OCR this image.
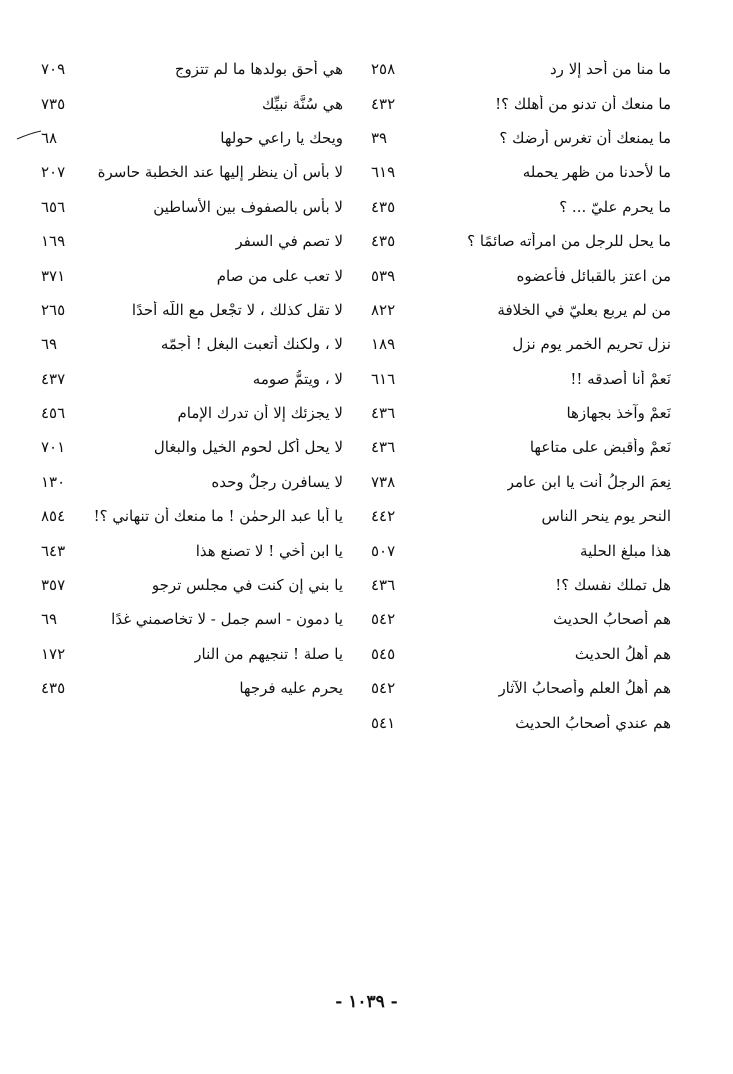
ما منا من أحد إلا رد
٢٥٨
ما منعك أن تدنو من أهلك ؟!
٤٣٢
ما يمنعك أن تغرس أرضك ؟
٣٩
ما لأحدنا من ظهر يحمله
٦١٩
ما يحرم عليّ ... ؟
٤٣٥
ما يحل للرجل من امرأته صائمًا ؟
٤٣٥
من اعتز بالقبائل فأعضوه
٥٣٩
من لم يربع بعليّ في الخلافة
٨٢٢
نزل تحريم الخمر يوم نزل
١٨٩
نَعمْ أنا أُصدقه !!
٦١٦
نَعمْ وآخذ بجهازها
٤٣٦
نَعمْ وأقبض على متاعها
٤٣٦
نِعمَ الرجلُ أنت يا ابن عامر
٧٣٨
النحر يوم ينحر الناس
٤٤٢
هذا مبلغ الحلية
٥٠٧
هل تملك نفسك ؟!
٤٣٦
هم أصحابُ الحديث
٥٤٢
هم أهلُ الحديث
٥٤٥
هم أهلُ العلم وأصحابُ الآثار
٥٤٢
هم عندي أصحابُ الحديث
٥٤١
هي أحق بولدها ما لم تتزوج
٧٠٩
هي سُنَّة نبيِّك
٧٣٥
ويحك يا راعي حولها
٦٨
لا بأس أن ينظر إليها عند الخطبة حاسرة
٢٠٧
لا بأس بالصفوف بين الأساطين
٦٥٦
لا تصم في السفر
١٦٩
لا تعب على من صام
٣٧١
لا تقل كذلك ، لا تجْعل مع اللَّه أحدًا
٢٦٥
لا ، ولكنك أتعبت البغل ! أجمّه
٦٩
لا ، ويتمُّ صومه
٤٣٧
لا يجزئك إلا أن تدرك الإمام
٤٥٦
لا يحل أكل لحوم الخيل والبغال
٧٠١
لا يسافرن رجلٌ وحده
١٣٠
يا أبا عبد الرحمٰن ! ما منعك أن تنهاني ؟!
٨٥٤
يا ابن أخي ! لا تصنع هذا
٦٤٣
يا بني إن كنت في مجلس ترجو
٣٥٧
يا دمون - اسم جمل - لا تخاصمني غدًا
٦٩
يا صلة ! تنجيهم من النار
١٧٢
يحرم عليه فرجها
٤٣٥
- ١٠٣٩ -
